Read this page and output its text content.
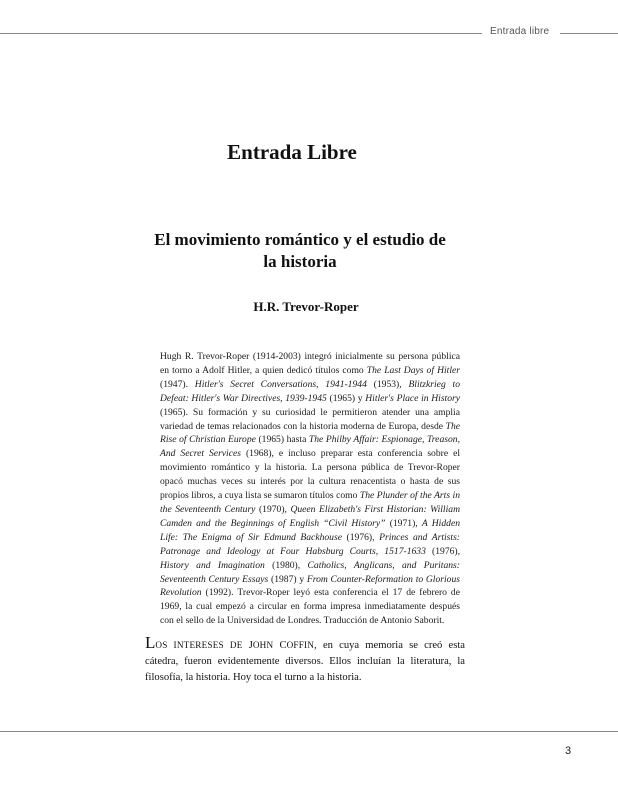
Entrada libre
Entrada Libre
El movimiento romántico y el estudio de la historia
H.R. Trevor-Roper
Hugh R. Trevor-Roper (1914-2003) integró inicialmente su persona pública en torno a Adolf Hitler, a quien dedicó títulos como The Last Days of Hitler (1947). Hitler's Secret Conversations, 1941-1944 (1953), Blitzkrieg to Defeat: Hitler's War Directives, 1939-1945 (1965) y Hitler's Place in History (1965). Su formación y su curiosidad le permitieron atender una amplia variedad de temas relacionados con la historia moderna de Europa, desde The Rise of Christian Europe (1965) hasta The Philby Affair: Espionage, Treason, And Secret Services (1968), e incluso preparar esta conferencia sobre el movimiento romántico y la historia. La persona pública de Trevor-Roper opacó muchas veces su interés por la cultura renacentista o hasta de sus propios libros, a cuya lista se sumaron títulos como The Plunder of the Arts in the Seventeenth Century (1970), Queen Elizabeth's First Historian: William Camden and the Beginnings of English “Civil History” (1971), A Hidden Life: The Enigma of Sir Edmund Backhouse (1976), Princes and Artists: Patronage and Ideology at Four Habsburg Courts, 1517-1633 (1976), History and Imagination (1980), Catholics, Anglicans, and Puritans: Seventeenth Century Essays (1987) y From Counter-Reformation to Glorious Revolution (1992). Trevor-Roper leyó esta conferencia el 17 de febrero de 1969, la cual empezó a circular en forma impresa inmediatamente después con el sello de la Universidad de Londres. Traducción de Antonio Saborit.
LOS INTERESES DE JOHN COFFIN, en cuya memoria se creó esta cátedra, fueron evidentemente diversos. Ellos incluían la literatura, la filosofía, la historia. Hoy toca el turno a la historia.
3
